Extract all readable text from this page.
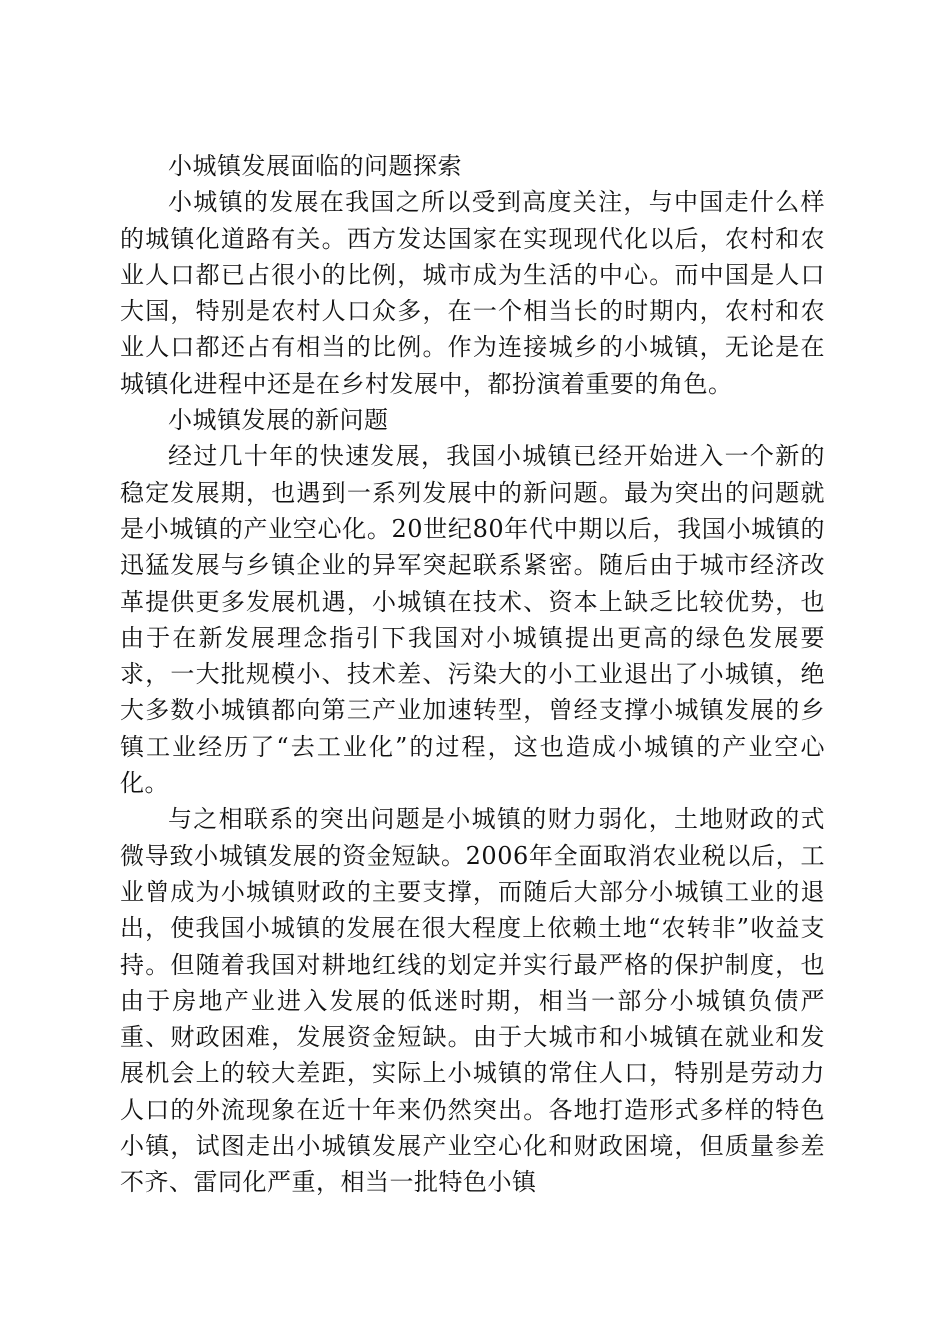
小城镇发展面临的问题探索

小城镇的发展在我国之所以受到高度关注，与中国走什么样的城镇化道路有关。西方发达国家在实现现代化以后，农村和农业人口都已占很小的比例，城市成为生活的中心。而中国是人口大国，特别是农村人口众多，在一个相当长的时期内，农村和农业人口都还占有相当的比例。作为连接城乡的小城镇，无论是在城镇化进程中还是在乡村发展中，都扮演着重要的角色。

小城镇发展的新问题

经过几十年的快速发展，我国小城镇已经开始进入一个新的稳定发展期，也遇到一系列发展中的新问题。最为突出的问题就是小城镇的产业空心化。20世纪80年代中期以后，我国小城镇的迅猛发展与乡镇企业的异军突起联系紧密。随后由于城市经济改革提供更多发展机遇，小城镇在技术、资本上缺乏比较优势，也由于在新发展理念指引下我国对小城镇提出更高的绿色发展要求，一大批规模小、技术差、污染大的小工业退出了小城镇，绝大多数小城镇都向第三产业加速转型，曾经支撑小城镇发展的乡镇工业经历了“去工业化”的过程，这也造成小城镇的产业空心化。

与之相联系的突出问题是小城镇的财力弱化，土地财政的式微导致小城镇发展的资金短缺。2006年全面取消农业税以后，工业曾成为小城镇财政的主要支撑，而随后大部分小城镇工业的退出，使我国小城镇的发展在很大程度上依赖土地“农转非”收益支持。但随着我国对耕地红线的划定并实行最严格的保护制度，也由于房地产业进入发展的低迷时期，相当一部分小城镇负债严重、财政困难，发展资金短缺。由于大城市和小城镇在就业和发展机会上的较大差距，实际上小城镇的常住人口，特别是劳动力人口的外流现象在近十年来仍然突出。各地打造形式多样的特色小镇，试图走出小城镇发展产业空心化和财政困境，但质量参差不齐、雷同化严重，相当一批特色小镇
